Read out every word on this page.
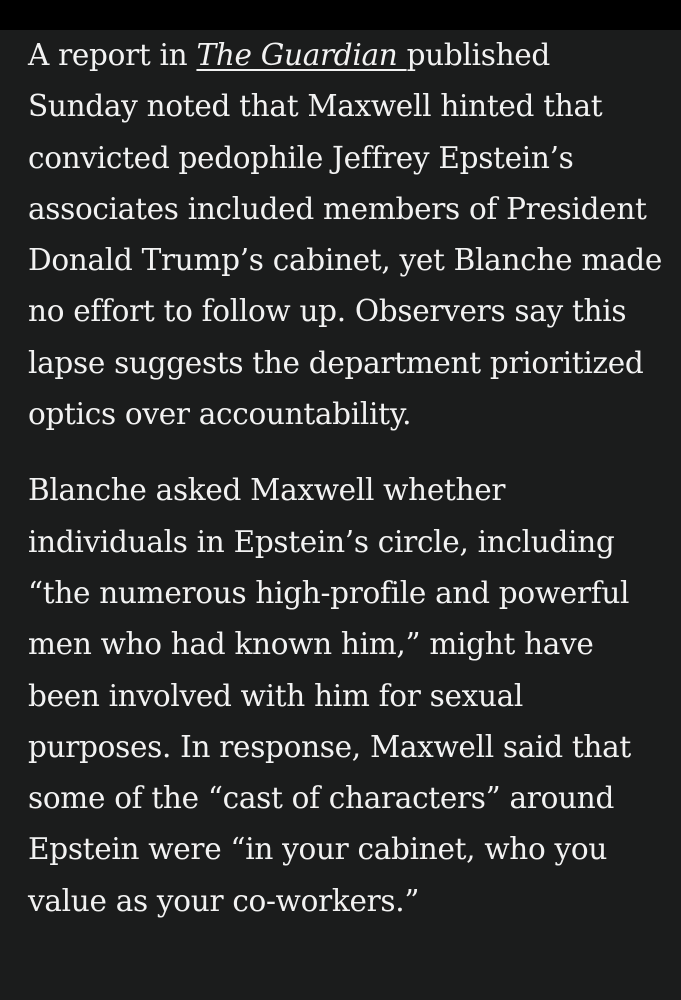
A report in The Guardian published Sunday noted that Maxwell hinted that convicted pedophile Jeffrey Epstein’s associates included members of President Donald Trump’s cabinet, yet Blanche made no effort to follow up. Observers say this lapse suggests the department prioritized optics over accountability.

Blanche asked Maxwell whether individuals in Epstein’s circle, including “the numerous high-profile and powerful men who had known him,” might have been involved with him for sexual purposes. In response, Maxwell said that some of the “cast of characters” around Epstein were “in your cabinet, who you value as your co-workers.”
